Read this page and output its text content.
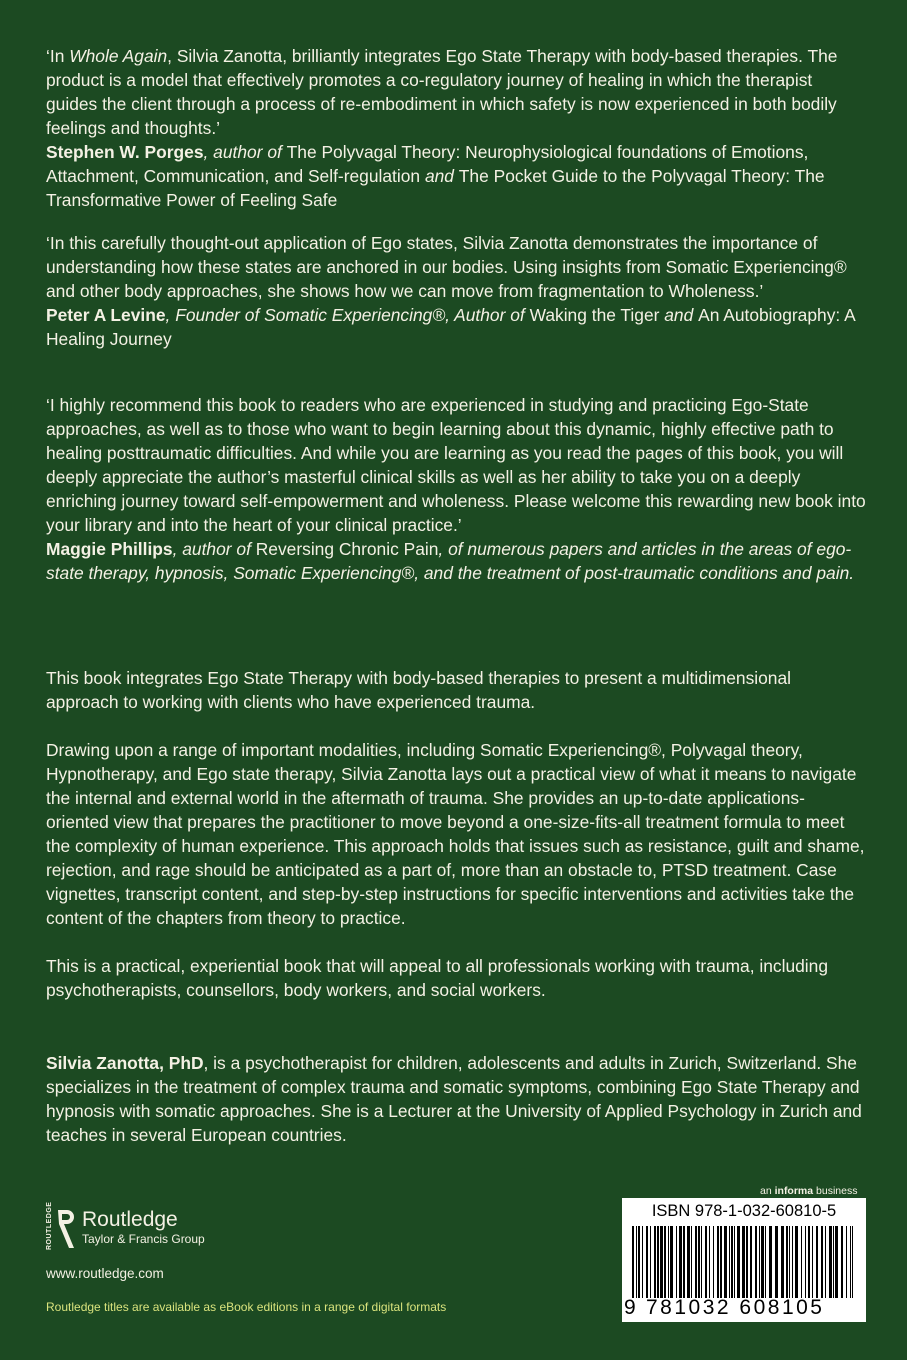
‘In Whole Again, Silvia Zanotta, brilliantly integrates Ego State Therapy with body-based therapies. The product is a model that effectively promotes a co-regulatory journey of healing in which the therapist guides the client through a process of re-embodiment in which safety is now experienced in both bodily feelings and thoughts.’

Stephen W. Porges, author of The Polyvagal Theory: Neurophysiological foundations of Emotions, Attachment, Communication, and Self-regulation and The Pocket Guide to the Polyvagal Theory: The Transformative Power of Feeling Safe

‘In this carefully thought-out application of Ego states, Silvia Zanotta demonstrates the importance of understanding how these states are anchored in our bodies. Using insights from Somatic Experiencing® and other body approaches, she shows how we can move from fragmentation to Wholeness.’

Peter A Levine, Founder of Somatic Experiencing®, Author of Waking the Tiger and An Autobiography: A Healing Journey

‘I highly recommend this book to readers who are experienced in studying and practicing Ego-State approaches, as well as to those who want to begin learning about this dynamic, highly effective path to healing posttraumatic difficulties. And while you are learning as you read the pages of this book, you will deeply appreciate the author’s masterful clinical skills as well as her ability to take you on a deeply enriching journey toward self-empowerment and wholeness. Please welcome this rewarding new book into your library and into the heart of your clinical practice.’

Maggie Phillips, author of Reversing Chronic Pain, of numerous papers and articles in the areas of ego-state therapy, hypnosis, Somatic Experiencing®, and the treatment of post-traumatic conditions and pain.

This book integrates Ego State Therapy with body-based therapies to present a multidimensional approach to working with clients who have experienced trauma.

Drawing upon a range of important modalities, including Somatic Experiencing®, Polyvagal theory, Hypnotherapy, and Ego state therapy, Silvia Zanotta lays out a practical view of what it means to navigate the internal and external world in the aftermath of trauma. She provides an up-to-date applications-oriented view that prepares the practitioner to move beyond a one-size-fits-all treatment formula to meet the complexity of human experience. This approach holds that issues such as resistance, guilt and shame, rejection, and rage should be anticipated as a part of, more than an obstacle to, PTSD treatment. Case vignettes, transcript content, and step-by-step instructions for specific interventions and activities take the content of the chapters from theory to practice.

This is a practical, experiential book that will appeal to all professionals working with trauma, including psychotherapists, counsellors, body workers, and social workers.

Silvia Zanotta, PhD, is a psychotherapist for children, adolescents and adults in Zurich, Switzerland. She specializes in the treatment of complex trauma and somatic symptoms, combining Ego State Therapy and hypnosis with somatic approaches. She is a Lecturer at the University of Applied Psychology in Zurich and teaches in several European countries.

ROUTLEDGE Routledge
Taylor & Francis Group
www.routledge.com
Routledge titles are available as eBook editions in a range of digital formats
an informa business
ISBN 978-1-032-60810-5
9 781032 608105
